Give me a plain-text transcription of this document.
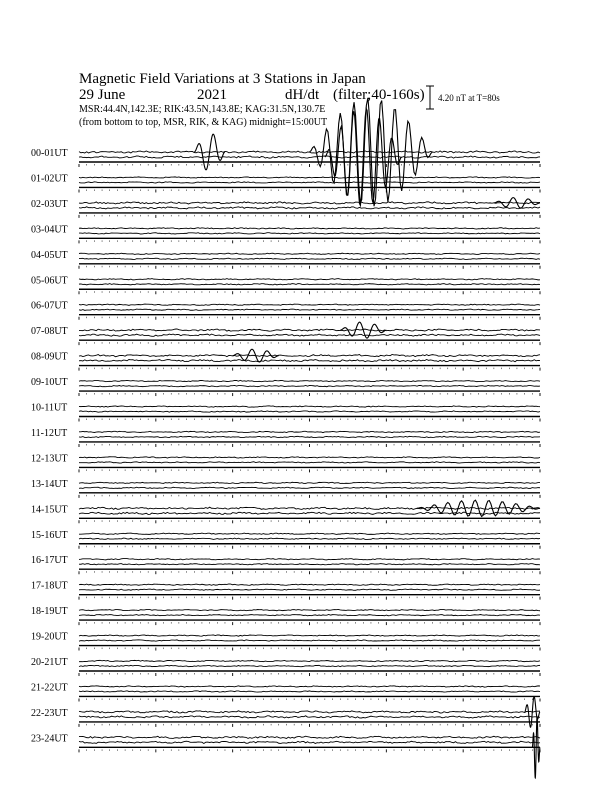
Magnetic Field Variations at 3 Stations in Japan
29 June	2021	dH/dt (filter;40-160s)
MSR:44.4N,142.3E; RIK:43.5N,143.8E; KAG:31.5N,130.7E
(from bottom to top, MSR, RIK, & KAG) midnight=15:00UT
4.20 nT at T=80s
00-01UT
01-02UT
02-03UT
03-04UT
04-05UT
05-06UT
06-07UT
07-08UT
08-09UT
09-10UT
10-11UT
11-12UT
12-13UT
13-14UT
14-15UT
15-16UT
16-17UT
17-18UT
18-19UT
19-20UT
20-21UT
21-22UT
22-23UT
23-24UT
